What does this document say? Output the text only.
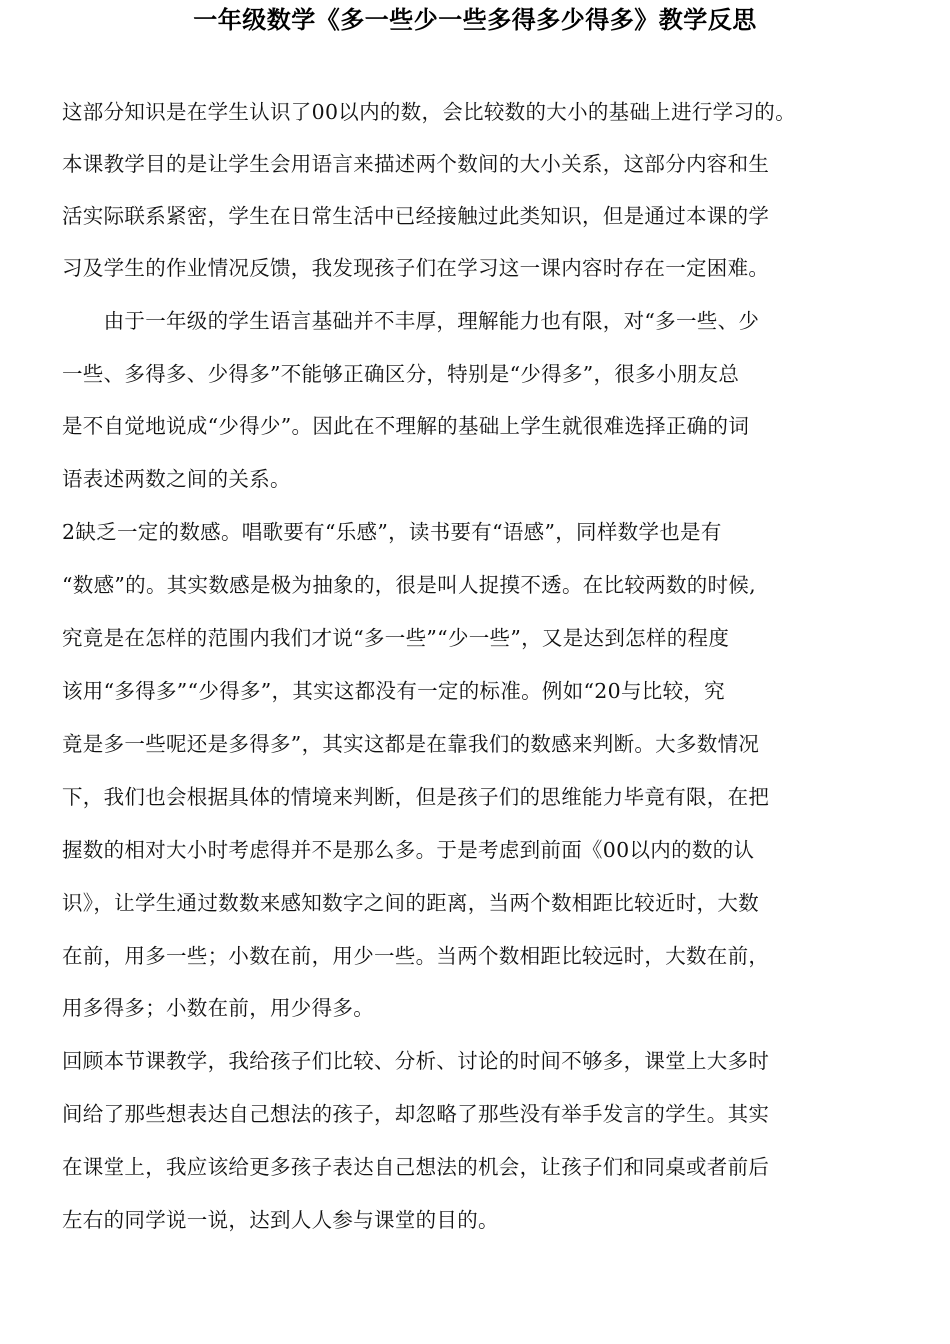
一年级数学《多一些少一些多得多少得多》教学反思
这部分知识是在学生认识了00以内的数，会比较数的大小的基础上进行学习的。
本课教学目的是让学生会用语言来描述两个数间的大小关系，这部分内容和生
活实际联系紧密，学生在日常生活中已经接触过此类知识，但是通过本课的学
习及学生的作业情况反馈，我发现孩子们在学习这一课内容时存在一定困难。
　　由于一年级的学生语言基础并不丰厚，理解能力也有限，对“多一些、少
一些、多得多、少得多”不能够正确区分，特别是“少得多”，很多小朋友总
是不自觉地说成“少得少”。因此在不理解的基础上学生就很难选择正确的词
语表述两数之间的关系。
2缺乏一定的数感。唱歌要有“乐感”，读书要有“语感”，同样数学也是有
“数感”的。其实数感是极为抽象的，很是叫人捉摸不透。在比较两数的时候,
究竟是在怎样的范围内我们才说“多一些”“少一些”，又是达到怎样的程度
该用“多得多”“少得多”，其实这都没有一定的标准。例如“20与比较，究
竟是多一些呢还是多得多”，其实这都是在靠我们的数感来判断。大多数情况
下，我们也会根据具体的情境来判断，但是孩子们的思维能力毕竟有限，在把
握数的相对大小时考虑得并不是那么多。于是考虑到前面《00以内的数的认
识》，让学生通过数数来感知数字之间的距离，当两个数相距比较近时，大数
在前，用多一些；小数在前，用少一些。当两个数相距比较远时，大数在前，
用多得多；小数在前，用少得多。
回顾本节课教学，我给孩子们比较、分析、讨论的时间不够多，课堂上大多时
间给了那些想表达自己想法的孩子，却忽略了那些没有举手发言的学生。其实
在课堂上，我应该给更多孩子表达自己想法的机会，让孩子们和同桌或者前后
左右的同学说一说，达到人人参与课堂的目的。
